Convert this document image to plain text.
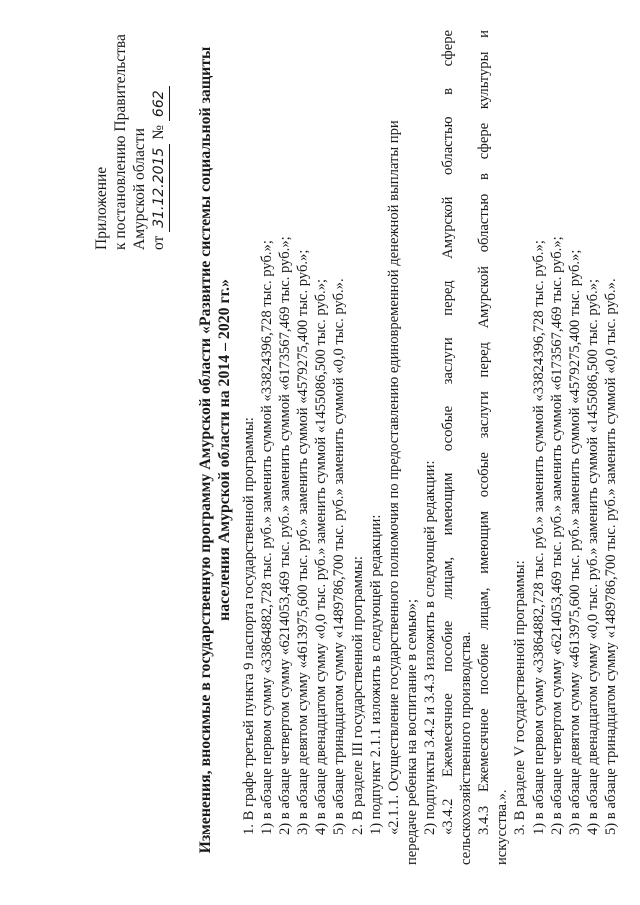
Приложение к постановлению Правительства Амурской области от 31.12.2015 № 662 Изменения, вносимые в государственную программу Амурской области «Развитие системы социальной защиты населения Амурской области на 2014 – 2020 гг.» 1. В графе третьей пункта 9 паспорта государственной программы: 1) в абзаце первом сумму «33864882,728 тыс. руб.» заменить суммой «33824396,728 тыс. руб.»; 2) в абзаце четвертом сумму «6214053,469 тыс. руб.» заменить суммой «6173567,469 тыс. руб.»; 3) в абзаце девятом сумму «4613975,600 тыс. руб.» заменить суммой «4579275,400 тыс. руб.»; 4) в абзаце двенадцатом сумму «0,0 тыс. руб.» заменить суммой «1455086,500 тыс. руб.»; 5) в абзаце тринадцатом сумму «1489786,700 тыс. руб.» заменить суммой «0,0 тыс. руб.». 2. В разделе III государственной программы: 1) подпункт 2.1.1 изложить в следующей редакции: «2.1.1. Осуществление государственного полномочия по предоставлению единовременной денежной выплаты при передаче ребенка на воспитание в семью»; 2) подпункты 3.4.2 и 3.4.3 изложить в следующей редакции: «3.4.2 Ежемесячное пособие лицам, имеющим особые заслуги перед Амурской областью в сфере сельскохозяйственного производства. 3.4.3 Ежемесячное пособие лицам, имеющим особые заслуги перед Амурской областью в сфере культуры и искусства.». 3. В разделе V государственной программы: 1) в абзаце первом сумму «33864882,728 тыс. руб.» заменить суммой «33824396,728 тыс. руб.»; 2) в абзаце четвертом сумму «6214053,469 тыс. руб.» заменить суммой «6173567,469 тыс. руб.»; 3) в абзаце девятом сумму «4613975,600 тыс. руб.» заменить суммой «4579275,400 тыс. руб.»; 4) в абзаце двенадцатом сумму «0,0 тыс. руб.» заменить суммой «1455086,500 тыс. руб.»; 5) в абзаце тринадцатом сумму «1489786,700 тыс. руб.» заменить суммой «0,0 тыс. руб.».
